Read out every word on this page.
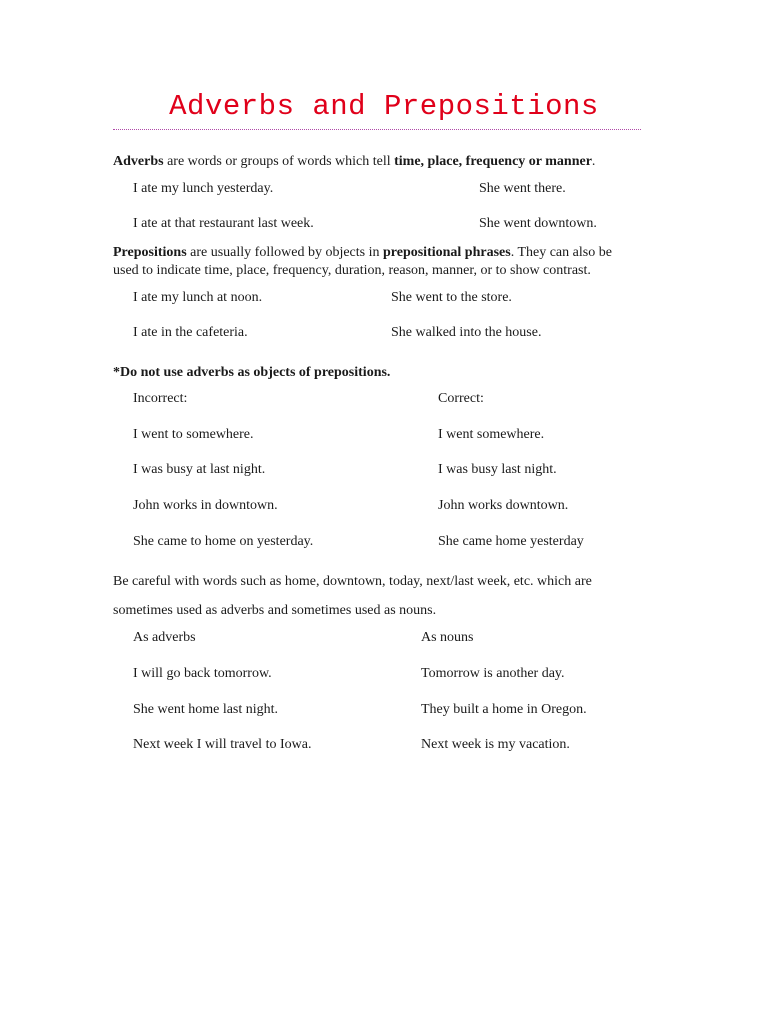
Adverbs and Prepositions
Adverbs are words or groups of words which tell time, place, frequency or manner.
I ate my lunch yesterday.	She went there.
I ate at that restaurant last week.	She went downtown.
Prepositions are usually followed by objects in prepositional phrases. They can also be
used to indicate time, place, frequency, duration, reason, manner, or to show contrast.
I ate my lunch at noon.	She went to the store.
I ate in the cafeteria.	She walked into the house.
*Do not use adverbs as objects of prepositions.
Incorrect:	Correct:
I went to somewhere.	I went somewhere.
I was busy at last night.	I was busy last night.
John works in downtown.	John works downtown.
She came to home on yesterday.	She came home yesterday
Be careful with words such as home, downtown, today, next/last week, etc. which are
sometimes used as adverbs and sometimes used as nouns.
As adverbs	As nouns
I will go back tomorrow.	Tomorrow is another day.
She went home last night.	They built a home in Oregon.
Next week I will travel to Iowa.	Next week is my vacation.
